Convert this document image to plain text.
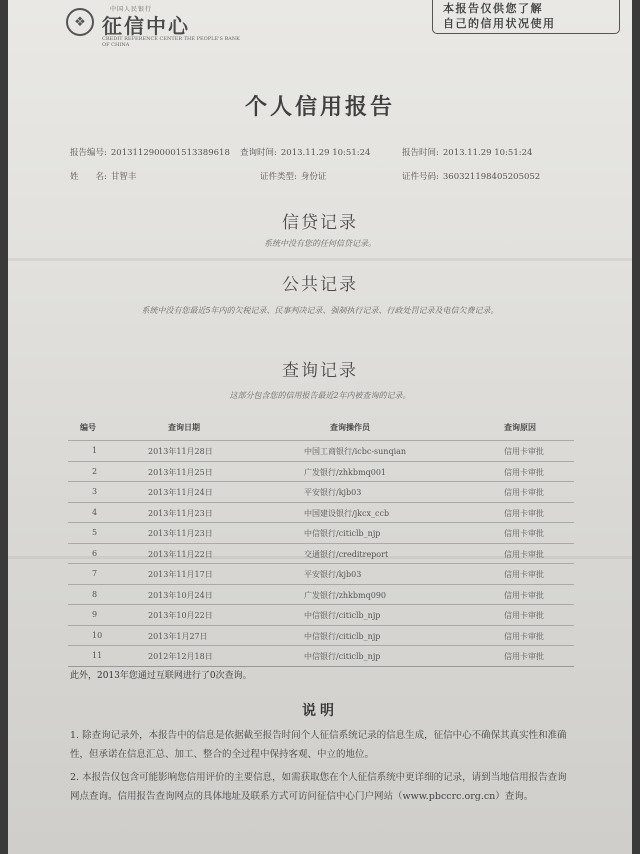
❖
中国人民银行
征信中心
CREDIT REFERENCE CENTER THE PEOPLE'S BANK OF CHINA
本报告仅供您了解
自己的信用状况使用
个人信用报告
报告编号: 2013112900001513389618 查询时间: 2013.11.29 10:51:24	报告时间: 2013.11.29 10:51:24
姓　　名: 甘智丰	证件类型: 身份证	证件号码: 360321198405205052
信贷记录
系统中没有您的任何信贷记录。
公共记录
系统中没有您最近5年内的欠税记录、民事判决记录、强制执行记录、行政处罚记录及电信欠费记录。
查询记录
这部分包含您的信用报告最近2年内被查询的记录。
编号	查询日期	查询操作员	查询原因
1	2013年11月28日	中国工商银行/icbc-sunqian	信用卡审批
2	2013年11月25日	广发银行/zhkbmq001	信用卡审批
3	2013年11月24日	平安银行/kjb03	信用卡审批
4	2013年11月23日	中国建设银行/jkcx_ccb	信用卡审批
5	2013年11月23日	中信银行/citiclb_njp	信用卡审批
6	2013年11月22日	交通银行/creditreport	信用卡审批
7	2013年11月17日	平安银行/kjb03	信用卡审批
8	2013年10月24日	广发银行/zhkbmq090	信用卡审批
9	2013年10月22日	中信银行/citiclb_njp	信用卡审批
10	2013年1月27日	中信银行/citiclb_njp	信用卡审批
11	2012年12月18日	中信银行/citiclb_njp	信用卡审批
此外，2013年您通过互联网进行了0次查询。
说明
1. 除查询记录外，本报告中的信息是依据截至报告时间个人征信系统记录的信息生成，征信中心不确保其真实性和准确性，但承诺在信息汇总、加工、整合的全过程中保持客观、中立的地位。
2. 本报告仅包含可能影响您信用评价的主要信息，如需获取您在个人征信系统中更详细的记录，请到当地信用报告查询网点查询。信用报告查询网点的具体地址及联系方式可访问征信中心门户网站（www.pbccrc.org.cn）查询。
